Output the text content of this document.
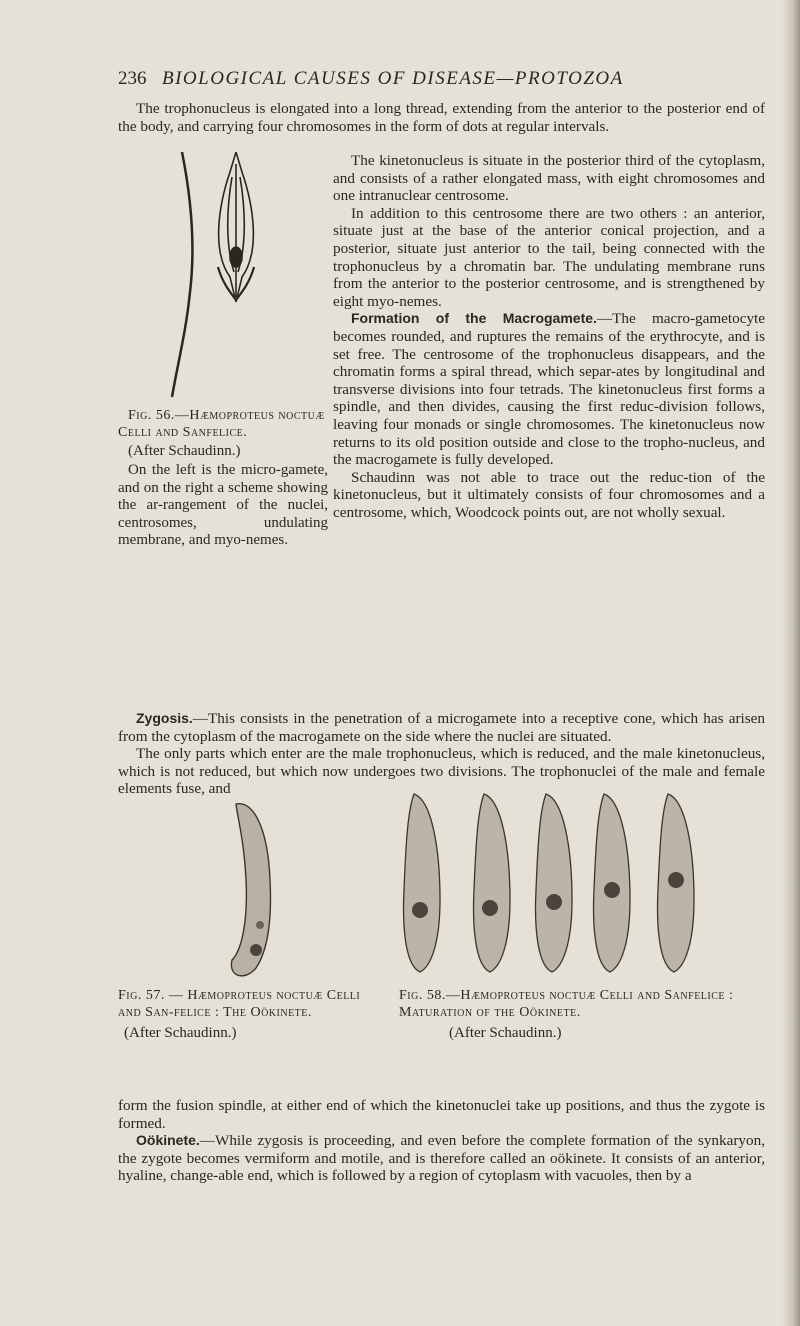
236 BIOLOGICAL CAUSES OF DISEASE—PROTOZOA

The trophonucleus is elongated into a long thread, extending from the anterior to the posterior end of the body, and carrying four chromosomes in the form of dots at regular intervals.

The kinetonucleus is situate in the posterior third of the cytoplasm, and consists of a rather elongated mass, with eight chromosomes and one intranuclear centrosome.

In addition to this centrosome there are two others : an anterior, situate just at the base of the anterior conical projection, and a posterior, situate just anterior to the tail, being connected with the trophonucleus by a chromatin bar. The undulating membrane runs from the anterior to the posterior centrosome, and is strengthened by eight myo-nemes.

Formation of the Macrogamete.—The macro-gametocyte becomes rounded, and ruptures the remains of the erythrocyte, and is set free. The centrosome of the trophonucleus disappears, and the chromatin forms a spiral thread, which separ-ates by longitudinal and transverse divisions into four tetrads. The kinetonucleus first forms a spindle, and then divides, causing the first reduc-division follows, leaving four monads or single chromosomes. The kinetonucleus now returns to its old position outside and close to the tropho-nucleus, and the macrogamete is fully developed.

Schaudinn was not able to trace out the reduc-tion of the kinetonucleus, but it ultimately consists of four chromosomes and a centrosome, which, Woodcock points out, are not wholly sexual.

Fig. 56.—Hæmoproteus noctuæ Celli and Sanfelice.
(After Schaudinn.)
On the left is the micro-gamete, and on the right a scheme showing the ar-rangement of the nuclei, centrosomes, undulating membrane, and myo-nemes.

Zygosis.—This consists in the penetration of a microgamete into a receptive cone, which has arisen from the cytoplasm of the macrogamete on the side where the nuclei are situated.

The only parts which enter are the male trophonucleus, which is reduced, and the male kinetonucleus, which is not reduced, but which now undergoes two divisions. The trophonuclei of the male and female elements fuse, and

Fig. 57. — Hæmoproteus noctuæ Celli and San-felice : The Oökinete.
(After Schaudinn.)
Fig. 58.—Hæmoproteus noctuæ Celli and Sanfelice : Maturation of the Oökinete.
(After Schaudinn.)

form the fusion spindle, at either end of which the kinetonuclei take up positions, and thus the zygote is formed.

Oökinete.—While zygosis is proceeding, and even before the complete formation of the synkaryon, the zygote becomes vermiform and motile, and is therefore called an oökinete. It consists of an anterior, hyaline, change-able end, which is followed by a region of cytoplasm with vacuoles, then by a
